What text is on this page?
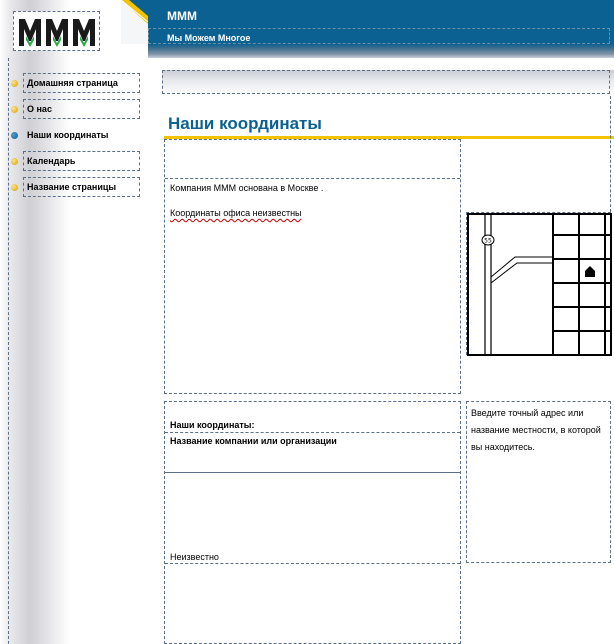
МММ
Мы Можем Многое
Домашняя страница
О нас
Наши координаты
Календарь
Название страницы
Наши координаты
Компания МММ основана в Москве .
Координаты офиса неизвестны
55
Наши координаты:
Название компании или организации
Неизвестно
Введите точный адрес или название местности, в которой вы находитесь.
